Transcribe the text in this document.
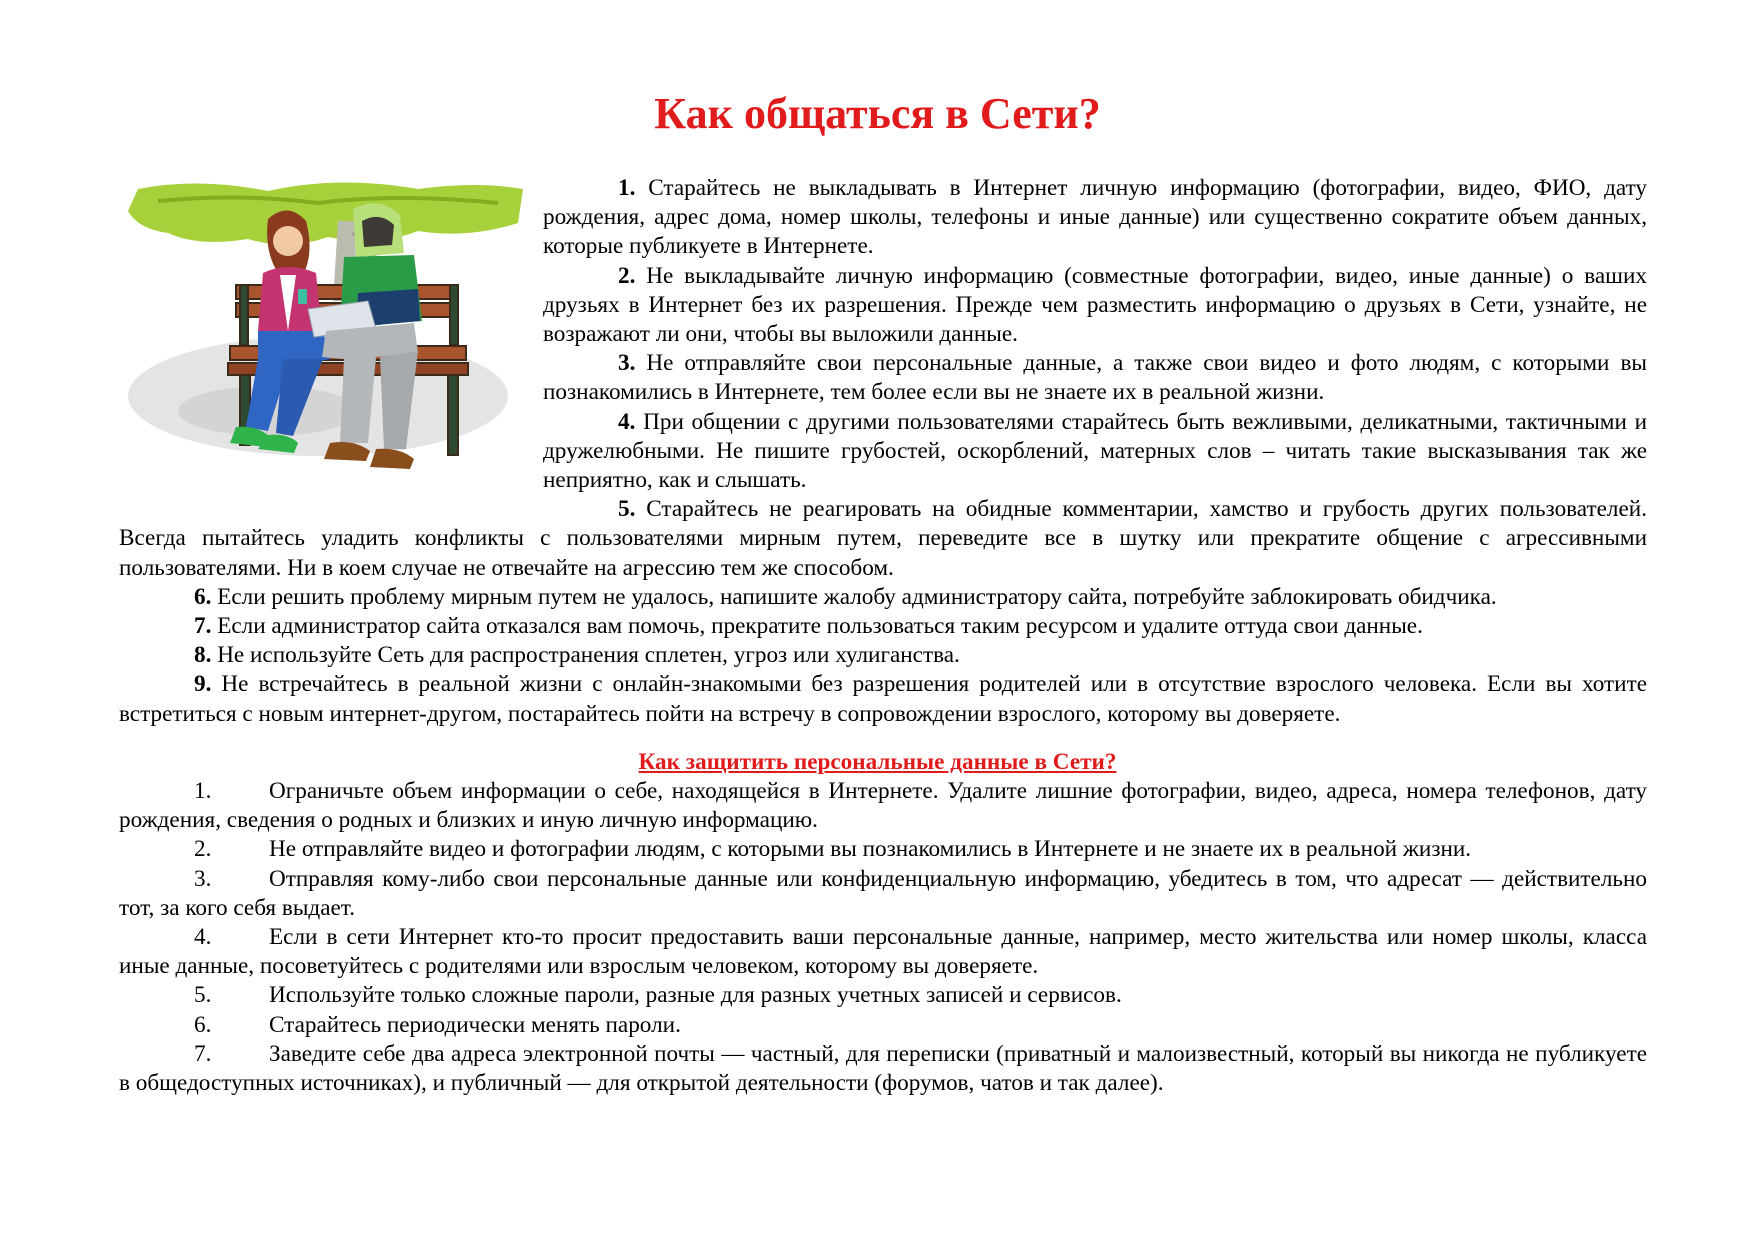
Как общаться в Сети?

1. Старайтесь не выкладывать в Интернет личную информацию (фотографии, видео, ФИО, дату рождения, адрес дома, номер школы, телефоны и иные данные) или существенно сократите объем данных, которые публикуете в Интернете.

2. Не выкладывайте личную информацию (совместные фотографии, видео, иные данные) о ваших друзьях в Интернет без их разрешения. Прежде чем разместить информацию о друзьях в Сети, узнайте, не возражают ли они, чтобы вы выложили данные.

3. Не отправляйте свои персональные данные, а также свои видео и фото людям, с которыми вы познакомились в Интернете, тем более если вы не знаете их в реальной жизни.

4. При общении с другими пользователями старайтесь быть вежливыми, деликатными, тактичными и дружелюбными. Не пишите грубостей, оскорблений, матерных слов – читать такие высказывания так же неприятно, как и слышать.

5. Старайтесь не реагировать на обидные комментарии, хамство и грубость других пользователей. Всегда пытайтесь уладить конфликты с пользователями мирным путем, переведите все в шутку или прекратите общение с агрессивными пользователями. Ни в коем случае не отвечайте на агрессию тем же способом.

6. Если решить проблему мирным путем не удалось, напишите жалобу администратору сайта, потребуйте заблокировать обидчика.

7. Если администратор сайта отказался вам помочь, прекратите пользоваться таким ресурсом и удалите оттуда свои данные.

8. Не используйте Сеть для распространения сплетен, угроз или хулиганства.

9. Не встречайтесь в реальной жизни с онлайн-знакомыми без разрешения родителей или в отсутствие взрослого человека. Если вы хотите встретиться с новым интернет-другом, постарайтесь пойти на встречу в сопровождении взрослого, которому вы доверяете.

Как защитить персональные данные в Сети?

1. Ограничьте объем информации о себе, находящейся в Интернете. Удалите лишние фотографии, видео, адреса, номера телефонов, дату рождения, сведения о родных и близких и иную личную информацию.

2. Не отправляйте видео и фотографии людям, с которыми вы познакомились в Интернете и не знаете их в реальной жизни.

3. Отправляя кому-либо свои персональные данные или конфиденциальную информацию, убедитесь в том, что адресат — действительно тот, за кого себя выдает.

4. Если в сети Интернет кто-то просит предоставить ваши персональные данные, например, место жительства или номер школы, класса иные данные, посоветуйтесь с родителями или взрослым человеком, которому вы доверяете.

5. Используйте только сложные пароли, разные для разных учетных записей и сервисов.

6. Старайтесь периодически менять пароли.

7. Заведите себе два адреса электронной почты — частный, для переписки (приватный и малоизвестный, который вы никогда не публикуете в общедоступных источниках), и публичный — для открытой деятельности (форумов, чатов и так далее).
